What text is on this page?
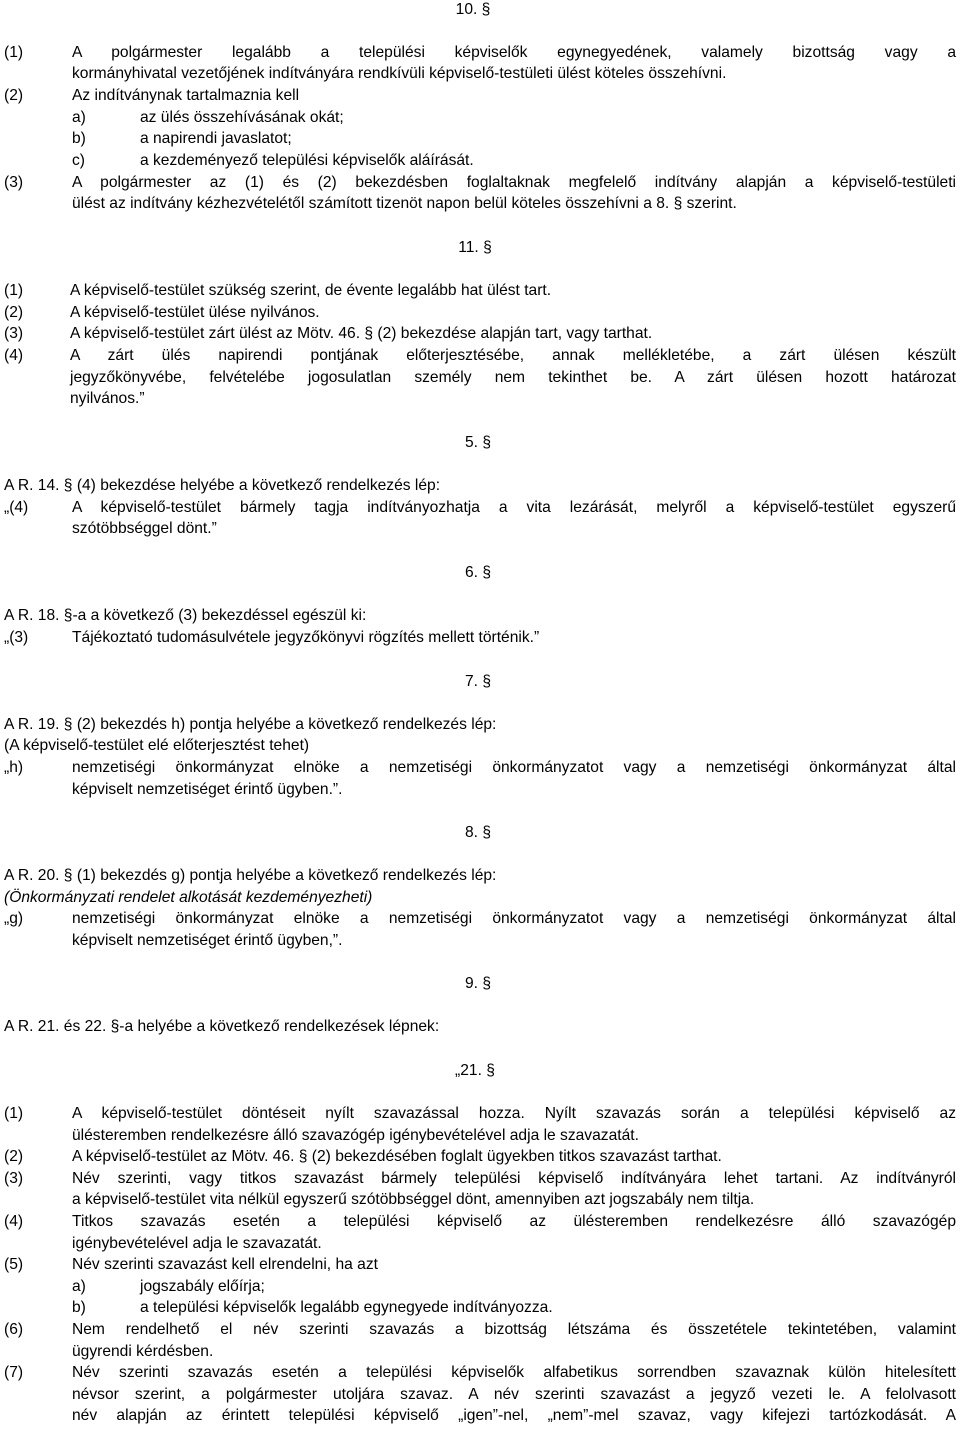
10. §
(1)	A polgármester legalább a települési képviselők egynegyedének, valamely bizottság vagy a
kormányhivatal vezetőjének indítványára rendkívüli képviselő-testületi ülést köteles összehívni.
(2)	Az indítványnak tartalmaznia kell
a)	az ülés összehívásának okát;
b)	a napirendi javaslatot;
c)	a kezdeményező települési képviselők aláírását.
(3)	A polgármester az (1) és (2) bekezdésben foglaltaknak megfelelő indítvány alapján a képviselő-testületi
ülést az indítvány kézhezvételétől számított tizenöt napon belül köteles összehívni a 8. § szerint.
11. §
(1)	A képviselő-testület szükség szerint, de évente legalább hat ülést tart.
(2)	A képviselő-testület ülése nyilvános.
(3)	A képviselő-testület zárt ülést az Mötv. 46. § (2) bekezdése alapján tart, vagy tarthat.
(4)	A zárt ülés napirendi pontjának előterjesztésébe, annak mellékletébe, a zárt ülésen készült
jegyzőkönyvébe, felvételébe jogosulatlan személy nem tekinthet be. A zárt ülésen hozott határozat
nyilvános.”
5. §
A R. 14. § (4) bekezdése helyébe a következő rendelkezés lép:
„(4)	A képviselő-testület bármely tagja indítványozhatja a vita lezárását, melyről a képviselő-testület egyszerű
szótöbbséggel dönt.”
6. §
A R. 18. §-a a következő (3) bekezdéssel egészül ki:
„(3)	Tájékoztató tudomásulvétele jegyzőkönyvi rögzítés mellett történik.”
7. §
A R. 19. § (2) bekezdés h) pontja helyébe a következő rendelkezés lép:
(A képviselő-testület elé előterjesztést tehet)
„h)	nemzetiségi önkormányzat elnöke a nemzetiségi önkormányzatot vagy a nemzetiségi önkormányzat által
képviselt nemzetiséget érintő ügyben.”.
8. §
A R. 20. § (1) bekezdés g) pontja helyébe a következő rendelkezés lép:
(Önkormányzati rendelet alkotását kezdeményezheti)
„g)	nemzetiségi önkormányzat elnöke a nemzetiségi önkormányzatot vagy a nemzetiségi önkormányzat által
képviselt nemzetiséget érintő ügyben,”.
9. §
A R. 21. és 22. §-a helyébe a következő rendelkezések lépnek:
„21. §
(1)	A képviselő-testület döntéseit nyílt szavazással hozza. Nyílt szavazás során a települési képviselő az
ülésteremben rendelkezésre álló szavazógép igénybevételével adja le szavazatát.
(2)	A képviselő-testület az Mötv. 46. § (2) bekezdésében foglalt ügyekben titkos szavazást tarthat.
(3)	Név szerinti, vagy titkos szavazást bármely települési képviselő indítványára lehet tartani. Az indítványról
a képviselő-testület vita nélkül egyszerű szótöbbséggel dönt, amennyiben azt jogszabály nem tiltja.
(4)	Titkos szavazás esetén a települési képviselő az ülésteremben rendelkezésre álló szavazógép
igénybevételével adja le szavazatát.
(5)	Név szerinti szavazást kell elrendelni, ha azt
a)	jogszabály előírja;
b)	a települési képviselők legalább egynegyede indítványozza.
(6)	Nem rendelhető el név szerinti szavazás a bizottság létszáma és összetétele tekintetében, valamint
ügyrendi kérdésben.
(7)	Név szerinti szavazás esetén a települési képviselők alfabetikus sorrendben szavaznak külön hitelesített
névsor szerint, a polgármester utoljára szavaz. A név szerinti szavazást a jegyző vezeti le. A felolvasott
név alapján az érintett települési képviselő „igen”-nel, „nem”-mel szavaz, vagy kifejezi tartózkodását. A
